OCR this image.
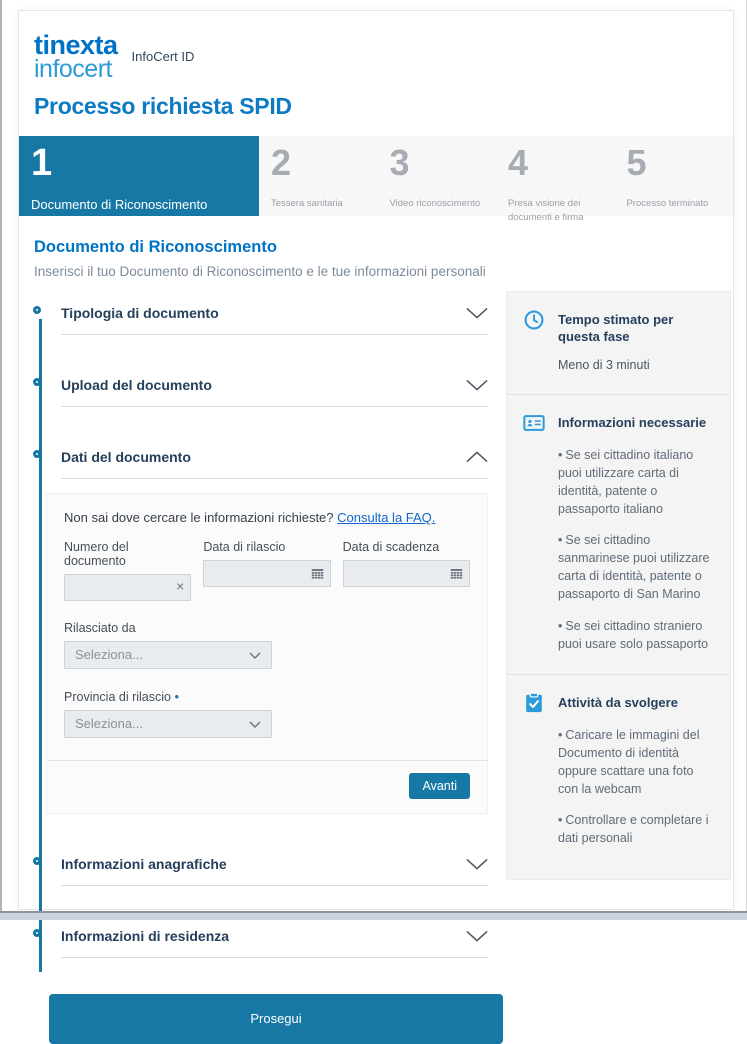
tinexta
infocert	InfoCert ID
Processo richiesta SPID
1
Documento di Riconoscimento
2
Tessera sanitaria
3
Video riconoscimento
4
Presa visione dei documenti e firma
5
Processo terminato
Documento di Riconoscimento
Inserisci il tuo Documento di Riconoscimento e le tue informazioni personali
Tipologia di documento
Upload del documento
Dati del documento
Non sai dove cercare le informazioni richieste? Consulta la FAQ.
Numero del documento
×
Data di rilascio	Data di scadenza
Rilasciato da
Seleziona...
Provincia di rilascio •
Seleziona...
Avanti
Informazioni anagrafiche
Informazioni di residenza
Prosegui
Tempo stimato per questa fase
Meno di 3 minuti
Informazioni necessarie

• Se sei cittadino italiano puoi utilizzare carta di identità, patente o passaporto italiano

• Se sei cittadino sanmarinese puoi utilizzare carta di identità, patente o passaporto di San Marino

• Se sei cittadino straniero puoi usare solo passaporto

Attività da svolgere

• Caricare le immagini del Documento di identità oppure scattare una foto con la webcam

• Controllare e completare i dati personali
